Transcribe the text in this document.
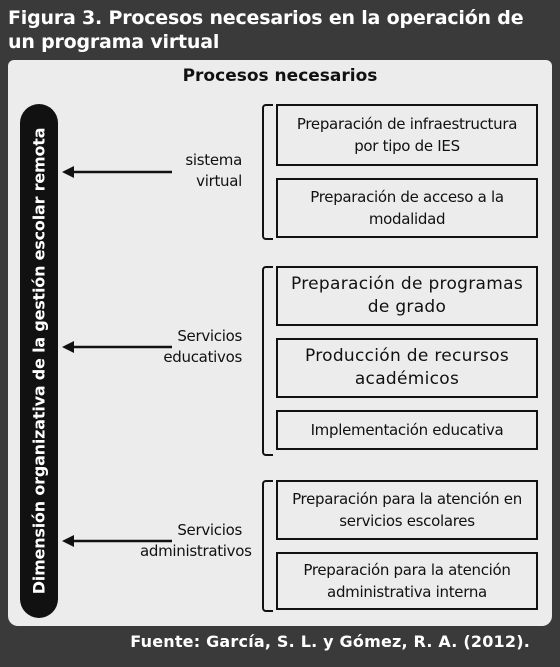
Figura 3. Procesos necesarios en la operación de un programa virtual
Procesos necesarios
Dimensión organizativa de la gestión escolar remota	sistema virtual
Preparación de infraestructura por tipo de IES
Preparación de acceso a la modalidad
Servicios educativos
Preparación de programas de grado
Producción de recursos académicos
Implementación educativa
Servicios administrativos
Preparación para la atención en servicios escolares
Preparación para la atención administrativa interna
Fuente: García, S. L. y Gómez, R. A. (2012).
